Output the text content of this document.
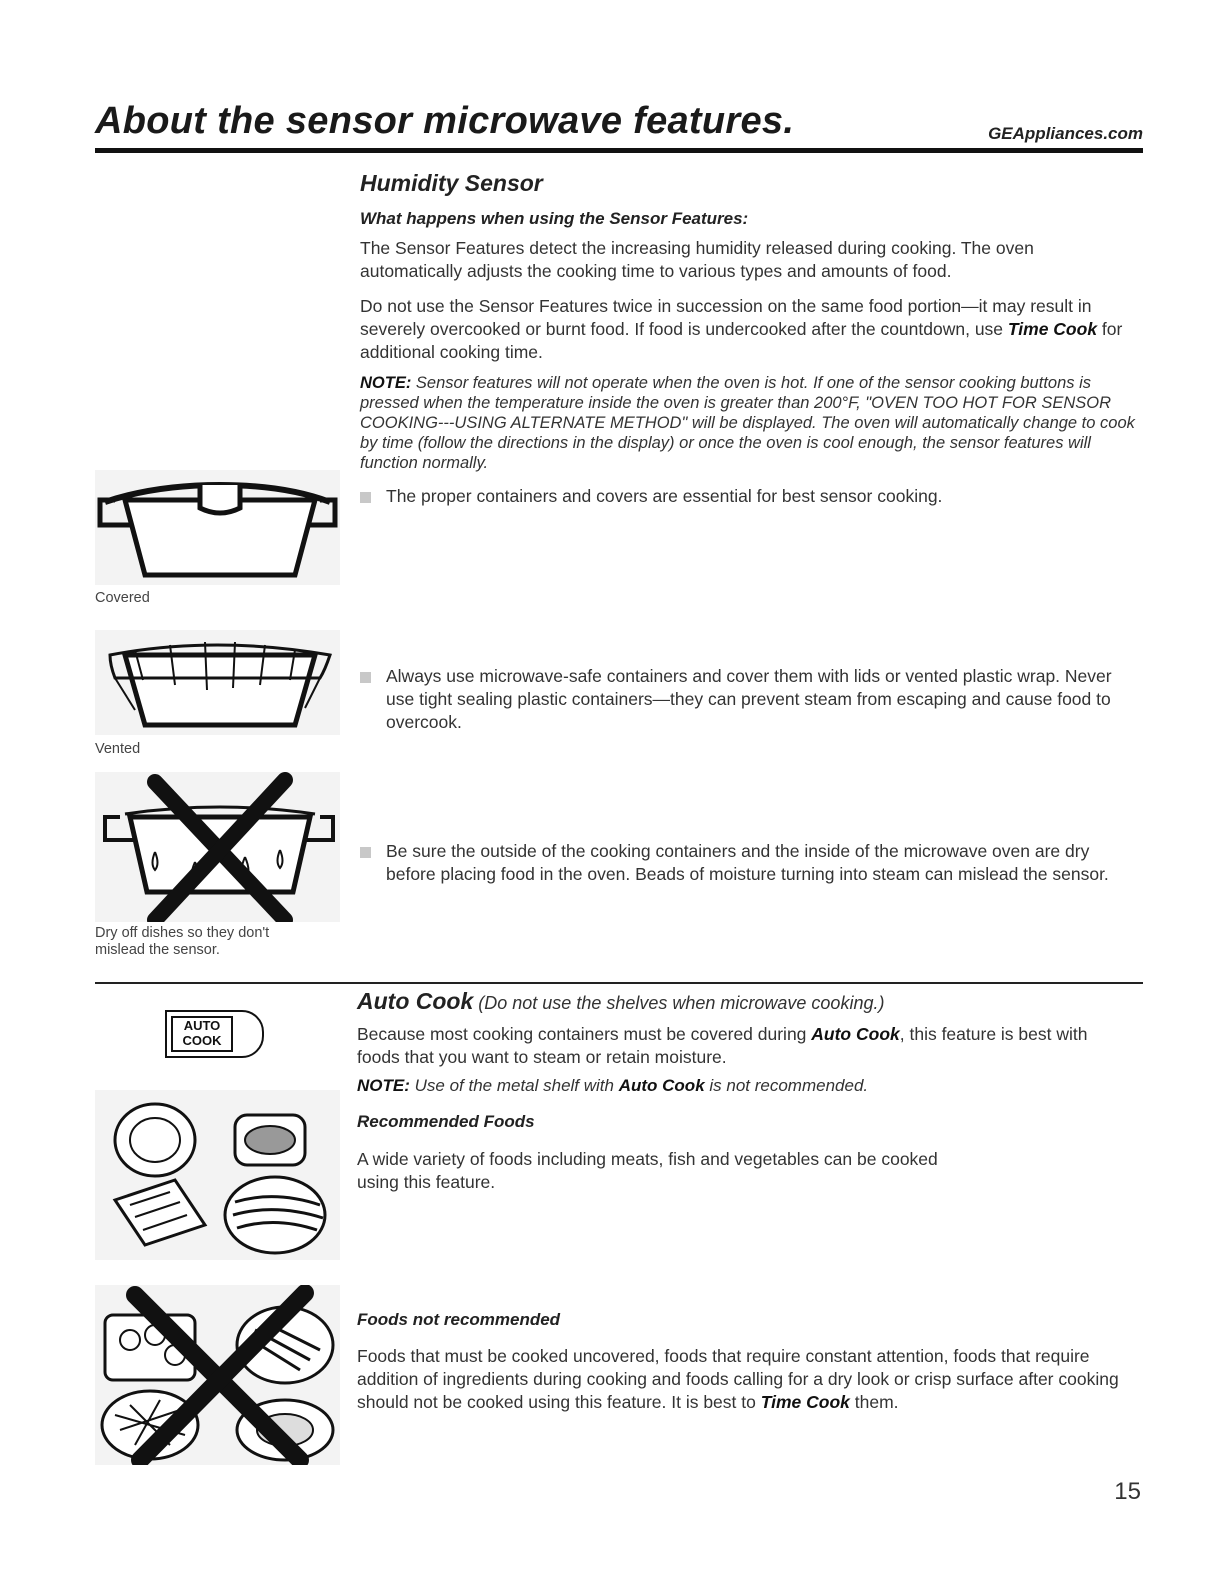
About the sensor microwave features.	GEAppliances.com
Humidity Sensor
What happens when using the Sensor Features:
The Sensor Features detect the increasing humidity released during cooking. The oven automatically adjusts the cooking time to various types and amounts of food.
Do not use the Sensor Features twice in succession on the same food portion—it may result in severely overcooked or burnt food. If food is undercooked after the countdown, use Time Cook for additional cooking time.
NOTE: Sensor features will not operate when the oven is hot. If one of the sensor cooking buttons is pressed when the temperature inside the oven is greater than 200°F, "OVEN TOO HOT FOR SENSOR COOKING---USING ALTERNATE METHOD" will be displayed. The oven will automatically change to cook by time (follow the directions in the display) or once the oven is cool enough, the sensor features will function normally.
The proper containers and covers are essential for best sensor cooking.
Always use microwave-safe containers and cover them with lids or vented plastic wrap. Never use tight sealing plastic containers—they can prevent steam from escaping and cause food to overcook.
Be sure the outside of the cooking containers and the inside of the microwave oven are dry before placing food in the oven. Beads of moisture turning into steam can mislead the sensor.
Covered
Vented
Dry off dishes so they don't mislead the sensor.
Auto Cook (Do not use the shelves when microwave cooking.)
AUTO
COOK	Because most cooking containers must be covered during Auto Cook, this feature is best with foods that you want to steam or retain moisture.
NOTE: Use of the metal shelf with Auto Cook is not recommended.
Recommended Foods
A wide variety of foods including meats, fish and vegetables can be cooked using this feature.
Foods not recommended
Foods that must be cooked uncovered, foods that require constant attention, foods that require addition of ingredients during cooking and foods calling for a dry look or crisp surface after cooking should not be cooked using this feature. It is best to Time Cook them.
15
